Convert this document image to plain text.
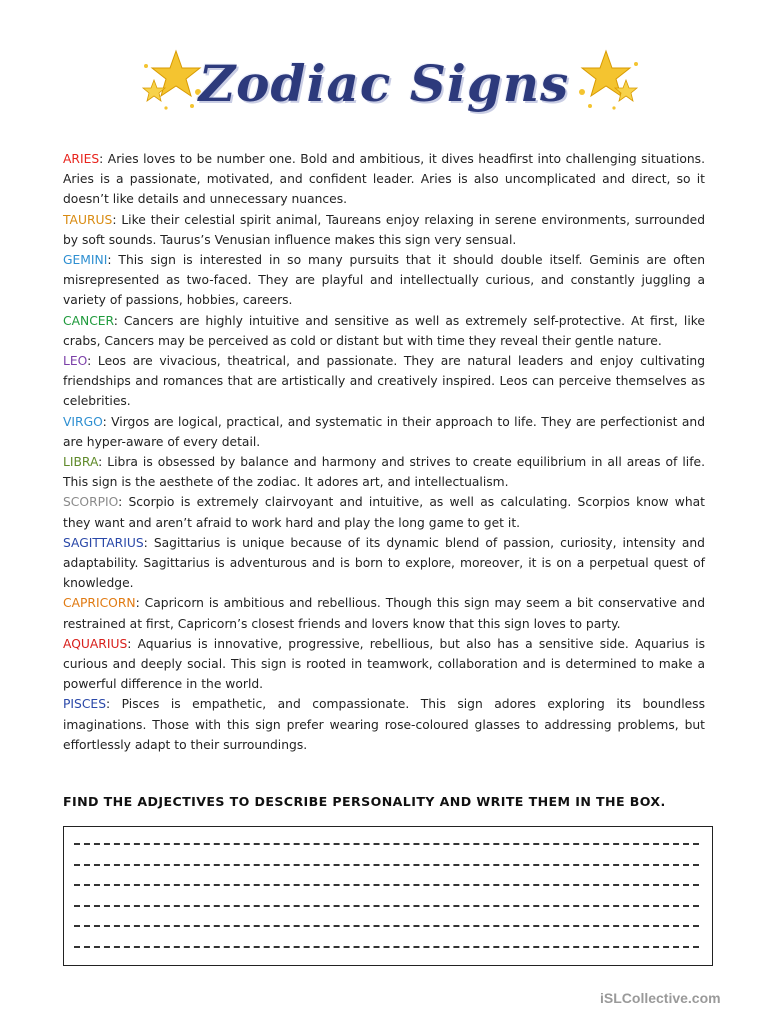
Zodiac Signs

ARIES: Aries loves to be number one. Bold and ambitious, it dives headfirst into challenging situations. Aries is a passionate, motivated, and confident leader. Aries is also uncomplicated and direct, so it doesn’t like details and unnecessary nuances.

TAURUS: Like their celestial spirit animal, Taureans enjoy relaxing in serene environments, surrounded by soft sounds. Taurus’s Venusian influence makes this sign very sensual.

GEMINI: This sign is interested in so many pursuits that it should double itself. Geminis are often misrepresented as two-faced. They are playful and intellectually curious, and constantly juggling a variety of passions, hobbies, careers.

CANCER: Cancers are highly intuitive and sensitive as well as extremely self-protective. At first, like crabs, Cancers may be perceived as cold or distant but with time they reveal their gentle nature.

LEO: Leos are vivacious, theatrical, and passionate. They are natural leaders and enjoy cultivating friendships and romances that are artistically and creatively inspired. Leos can perceive themselves as celebrities.

VIRGO: Virgos are logical, practical, and systematic in their approach to life. They are perfectionist and are hyper-aware of every detail.

LIBRA: Libra is obsessed by balance and harmony and strives to create equilibrium in all areas of life. This sign is the aesthete of the zodiac. It adores art, and intellectualism.

SCORPIO: Scorpio is extremely clairvoyant and intuitive, as well as calculating. Scorpios know what they want and aren’t afraid to work hard and play the long game to get it.

SAGITTARIUS: Sagittarius is unique because of its dynamic blend of passion, curiosity, intensity and adaptability. Sagittarius is adventurous and is born to explore, moreover, it is on a perpetual quest of knowledge.

CAPRICORN: Capricorn is ambitious and rebellious. Though this sign may seem a bit conservative and restrained at first, Capricorn’s closest friends and lovers know that this sign loves to party.

AQUARIUS: Aquarius is innovative, progressive, rebellious, but also has a sensitive side. Aquarius is curious and deeply social. This sign is rooted in teamwork, collaboration and is determined to make a powerful difference in the world.

PISCES: Pisces is empathetic, and compassionate. This sign adores exploring its boundless imaginations. Those with this sign prefer wearing rose-coloured glasses to addressing problems, but effortlessly adapt to their surroundings.

FIND THE ADJECTIVES TO DESCRIBE PERSONALITY AND WRITE THEM IN THE BOX.
iSLCollective.com
